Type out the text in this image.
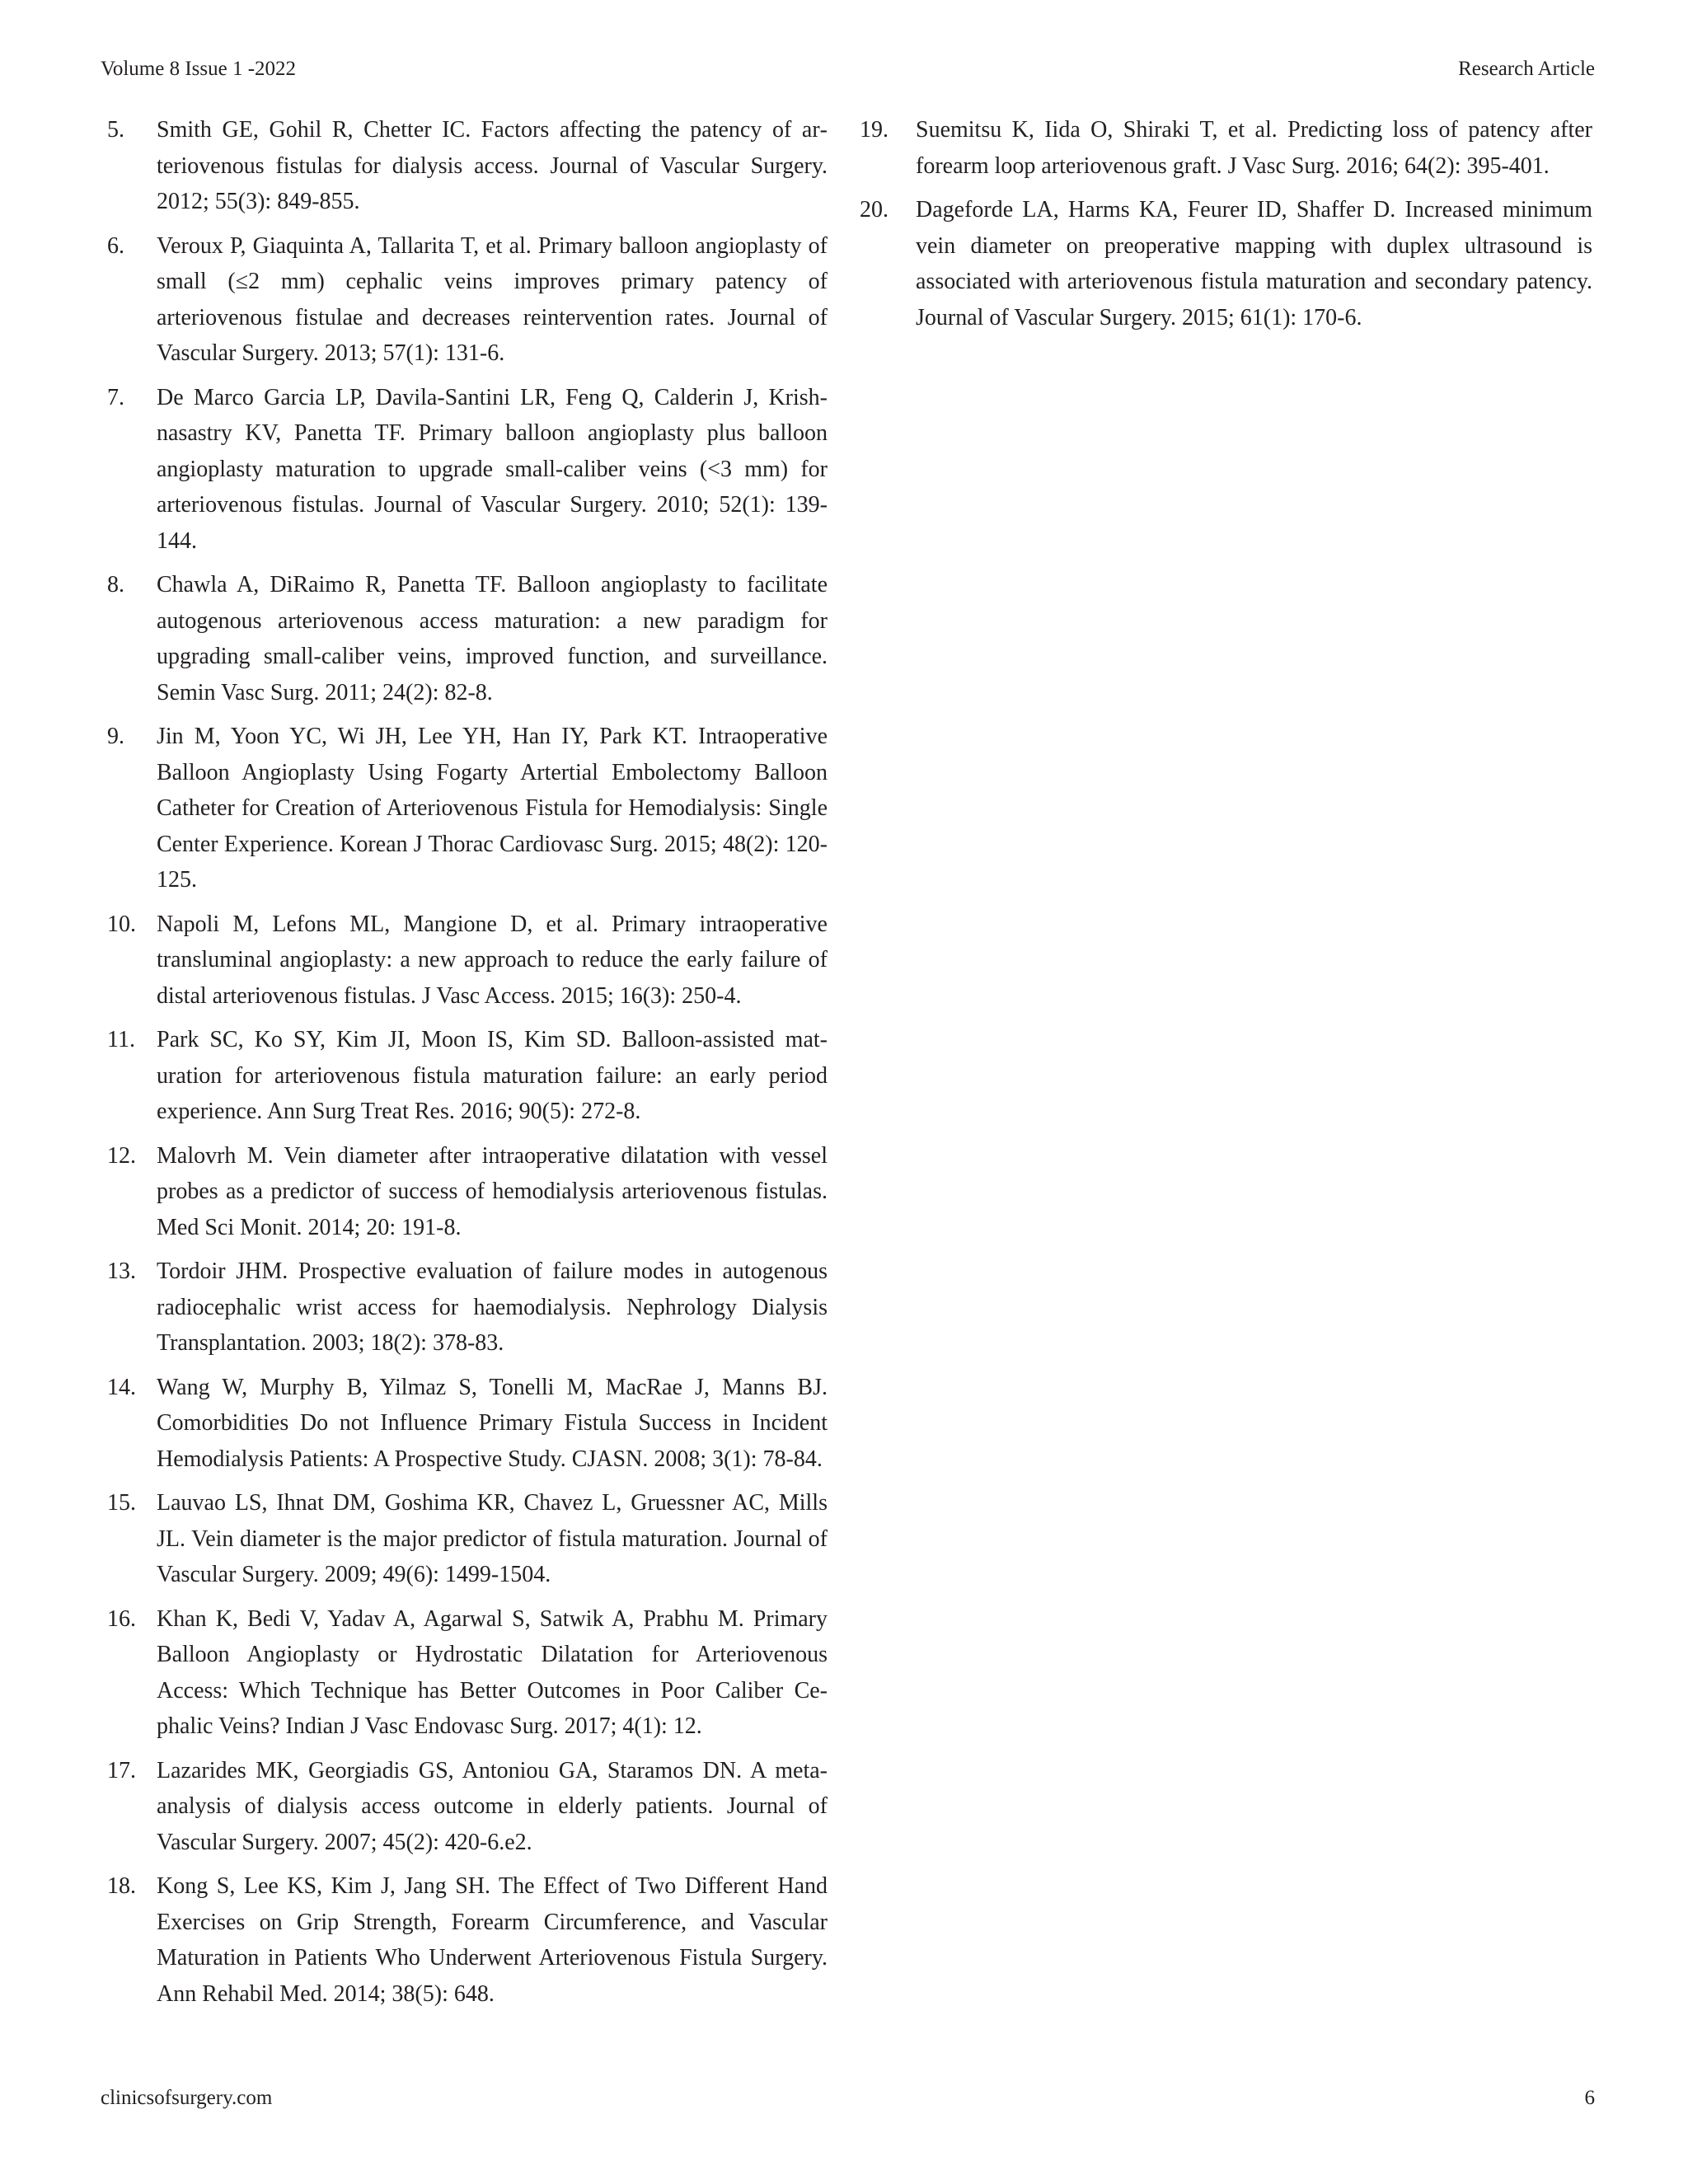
Volume 8 Issue 1 -2022	Research Article
5.	Smith GE, Gohil R, Chetter IC. Factors affecting the patency of arteriovenous fistulas for dialysis access. Journal of Vascular Surgery. 2012; 55(3): 849-855.
6.	Veroux P, Giaquinta A, Tallarita T, et al. Primary balloon angioplasty of small (≤2 mm) cephalic veins improves primary patency of arteriovenous fistulae and decreases reintervention rates. Journal of Vascular Surgery. 2013; 57(1): 131-6.
7.	De Marco Garcia LP, Davila-Santini LR, Feng Q, Calderin J, Krishnasastry KV, Panetta TF. Primary balloon angioplasty plus balloon angioplasty maturation to upgrade small-caliber veins (<3 mm) for arteriovenous fistulas. Journal of Vascular Surgery. 2010; 52(1): 139-144.
8.	Chawla A, DiRaimo R, Panetta TF. Balloon angioplasty to facilitate autogenous arteriovenous access maturation: a new paradigm for upgrading small-caliber veins, improved function, and surveillance. Semin Vasc Surg. 2011; 24(2): 82-8.
9.	Jin M, Yoon YC, Wi JH, Lee YH, Han IY, Park KT. Intraoperative Balloon Angioplasty Using Fogarty Artertial Embolectomy Balloon Catheter for Creation of Arteriovenous Fistula for Hemodialysis: Single Center Experience. Korean J Thorac Cardiovasc Surg. 2015; 48(2): 120-125.
10. Napoli M, Lefons ML, Mangione D, et al. Primary intraoperative transluminal angioplasty: a new approach to reduce the early failure of distal arteriovenous fistulas. J Vasc Access. 2015; 16(3): 250-4.
11. Park SC, Ko SY, Kim JI, Moon IS, Kim SD. Balloon-assisted maturation for arteriovenous fistula maturation failure: an early period experience. Ann Surg Treat Res. 2016; 90(5): 272-8.
12. Malovrh M. Vein diameter after intraoperative dilatation with vessel probes as a predictor of success of hemodialysis arteriovenous fistulas. Med Sci Monit. 2014; 20: 191-8.
13. Tordoir JHM. Prospective evaluation of failure modes in autogenous radiocephalic wrist access for haemodialysis. Nephrology Dialysis Transplantation. 2003; 18(2): 378-83.
14. Wang W, Murphy B, Yilmaz S, Tonelli M, MacRae J, Manns BJ. Comorbidities Do not Influence Primary Fistula Success in Incident Hemodialysis Patients: A Prospective Study. CJASN. 2008; 3(1): 78-84.
15. Lauvao LS, Ihnat DM, Goshima KR, Chavez L, Gruessner AC, Mills JL. Vein diameter is the major predictor of fistula maturation. Journal of Vascular Surgery. 2009; 49(6): 1499-1504.
16. Khan K, Bedi V, Yadav A, Agarwal S, Satwik A, Prabhu M. Primary Balloon Angioplasty or Hydrostatic Dilatation for Arteriovenous Access: Which Technique has Better Outcomes in Poor Caliber Cephalic Veins? Indian J Vasc Endovasc Surg. 2017; 4(1): 12.
17. Lazarides MK, Georgiadis GS, Antoniou GA, Staramos DN. A meta-analysis of dialysis access outcome in elderly patients. Journal of Vascular Surgery. 2007; 45(2): 420-6.e2.
18. Kong S, Lee KS, Kim J, Jang SH. The Effect of Two Different Hand Exercises on Grip Strength, Forearm Circumference, and Vascular Maturation in Patients Who Underwent Arteriovenous Fistula Surgery. Ann Rehabil Med. 2014; 38(5): 648.
19.	Suemitsu K, Iida O, Shiraki T, et al. Predicting loss of patency after forearm loop arteriovenous graft. J Vasc Surg. 2016; 64(2): 395-401.
20.	Dageforde LA, Harms KA, Feurer ID, Shaffer D. Increased minimum vein diameter on preoperative mapping with duplex ultrasound is associated with arteriovenous fistula maturation and secondary patency. Journal of Vascular Surgery. 2015; 61(1): 170-6.
clinicsofsurgery.com	6
